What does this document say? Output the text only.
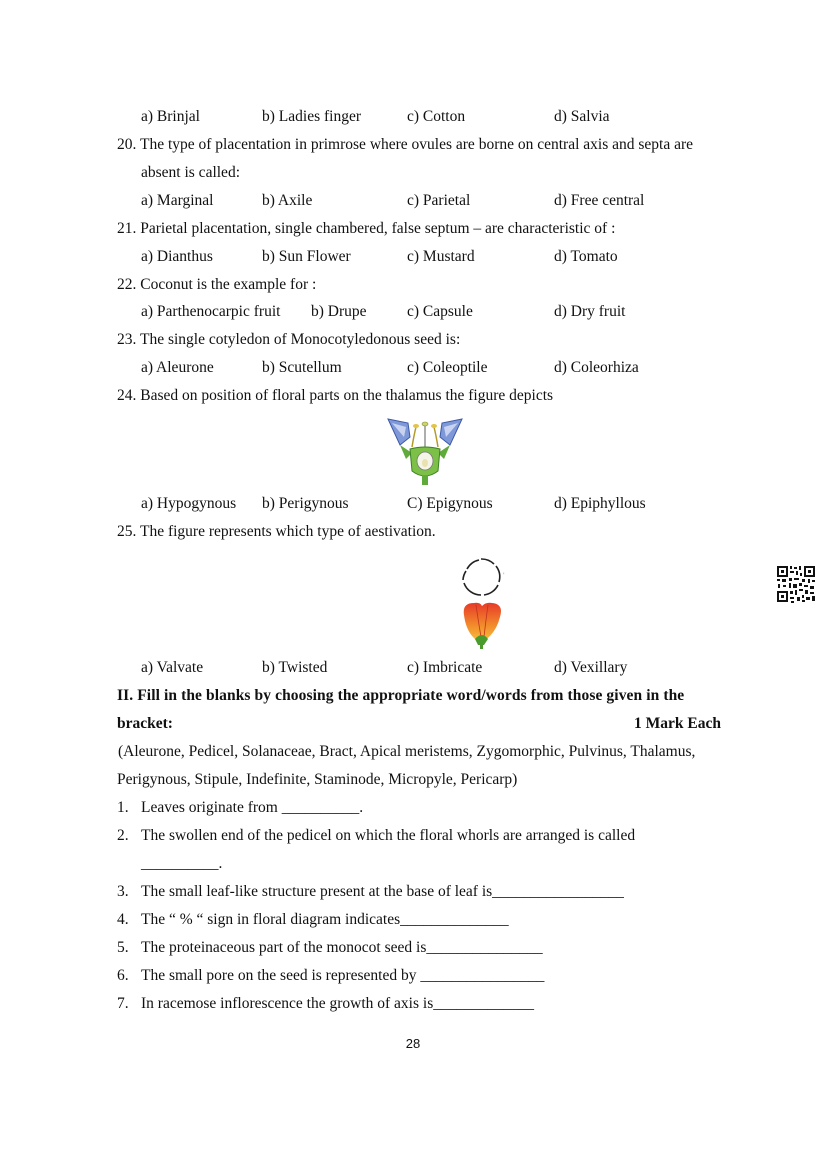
a) Brinjal	b) Ladies finger	c) Cotton	d) Salvia
20. The type of placentation in primrose where ovules are borne on central axis and septa are
absent is called:
a) Marginal	b) Axile	c) Parietal	d) Free central
21. Parietal placentation, single chambered, false septum – are characteristic of :
a) Dianthus	b) Sun Flower	c) Mustard	d) Tomato
22. Coconut is the example for :
a) Parthenocarpic fruit b) Drupe	c) Capsule	d) Dry fruit
23. The single cotyledon of Monocotyledonous seed is:
a) Aleurone	b) Scutellum	c) Coleoptile	d) Coleorhiza
24. Based on position of floral parts on the thalamus the figure depicts
a) Hypogynous b) Perigynous	C) Epigynous	d) Epiphyllous
25. The figure represents which type of aestivation.
'
a) Valvate	b) Twisted	c) Imbricate	d) Vexillary
II. Fill in the blanks by choosing the appropriate word/words from those given in the
bracket:	1 Mark Each
(Aleurone, Pedicel, Solanaceae, Bract, Apical meristems, Zygomorphic, Pulvinus, Thalamus,
Perigynous, Stipule, Indefinite, Staminode, Micropyle, Pericarp)
1. Leaves originate from __________.
2. The swollen end of the pedicel on which the floral whorls are arranged is called
__________.
3. The small leaf-like structure present at the base of leaf is_________________
4. The “ % “ sign in floral diagram indicates______________
5. The proteinaceous part of the monocot seed is_______________
6. The small pore on the seed is represented by ________________
7. In racemose inflorescence the growth of axis is_____________
28
